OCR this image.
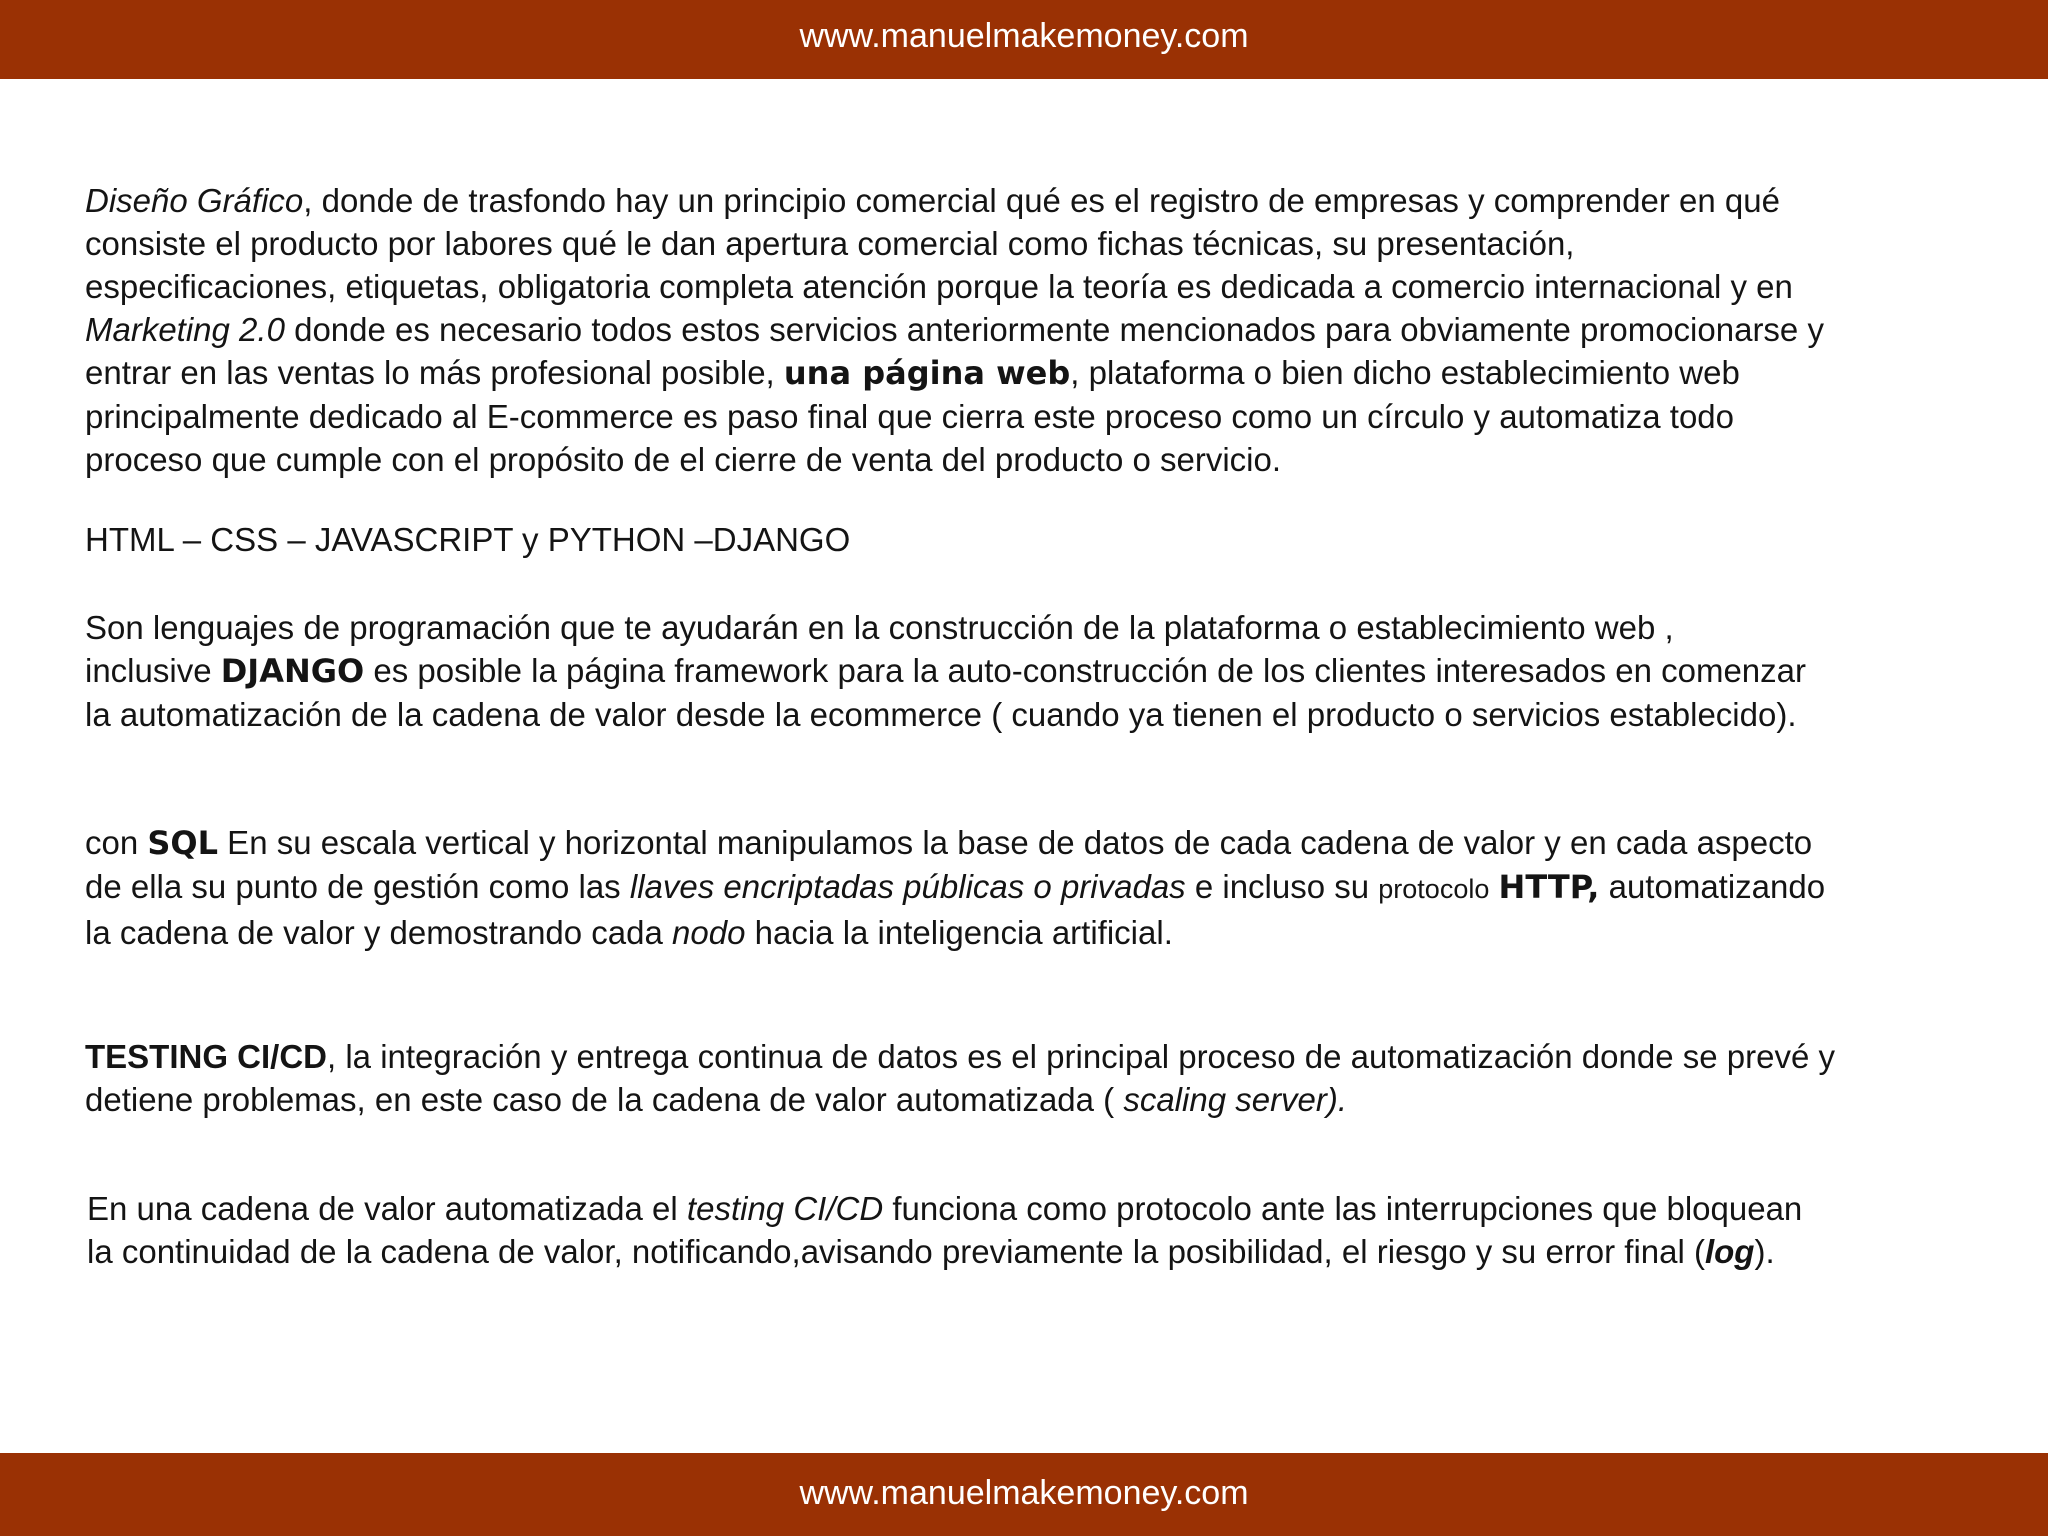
www.manuelmakemoney.com

Diseño Gráfico, donde de trasfondo hay un principio comercial qué es el registro de empresas y comprender en qué
consiste el producto por labores qué le dan apertura comercial como fichas técnicas, su presentación,
especificaciones, etiquetas, obligatoria completa atención porque la teoría es dedicada a comercio internacional y en
Marketing 2.0 donde es necesario todos estos servicios anteriormente mencionados para obviamente promocionarse y
entrar en las ventas lo más profesional posible, una página web, plataforma o bien dicho establecimiento web
principalmente dedicado al E-commerce es paso final que cierra este proceso como un círculo y automatiza todo
proceso que cumple con el propósito de el cierre de venta del producto o servicio.

HTML – CSS – JAVASCRIPT y PYTHON –DJANGO

Son lenguajes de programación que te ayudarán en la construcción de la plataforma o establecimiento web ,
inclusive DJANGO es posible la página framework para la auto-construcción de los clientes interesados en comenzar
la automatización de la cadena de valor desde la ecommerce ( cuando ya tienen el producto o servicios establecido).

con SQL En su escala vertical y horizontal manipulamos la base de datos de cada cadena de valor y en cada aspecto
de ella su punto de gestión como las llaves encriptadas públicas o privadas e incluso su protocolo HTTP, automatizando
la cadena de valor y demostrando cada nodo hacia la inteligencia artificial.

TESTING CI/CD, la integración y entrega continua de datos es el principal proceso de automatización donde se prevé y
detiene problemas, en este caso de la cadena de valor automatizada ( scaling server).

En una cadena de valor automatizada el testing CI/CD funciona como protocolo ante las interrupciones que bloquean
la continuidad de la cadena de valor, notificando,avisando previamente la posibilidad, el riesgo y su error final (log).

www.manuelmakemoney.com
